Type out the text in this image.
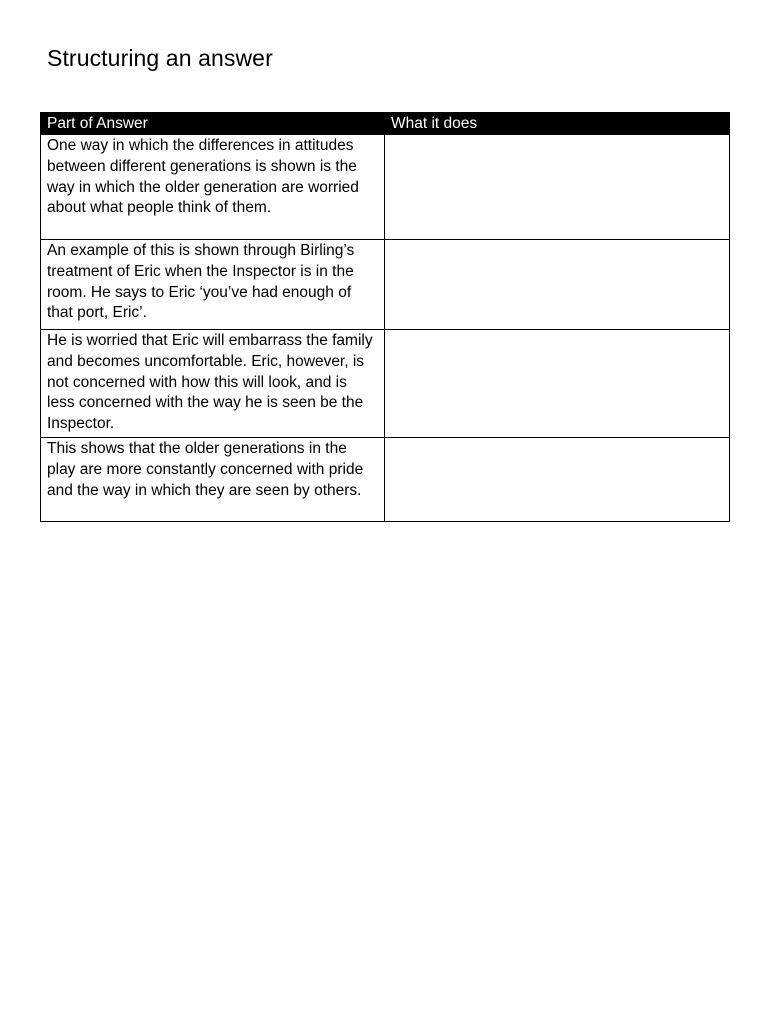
Structuring an answer
Part of Answer	What it does
One way in which the differences in attitudes between different generations is shown is the way in which the older generation are worried about what people think of them.	
An example of this is shown through Birling’s treatment of Eric when the Inspector is in the room. He says to Eric ‘you’ve had enough of that port, Eric’.	
He is worried that Eric will embarrass the family and becomes uncomfortable. Eric, however, is not concerned with how this will look, and is less concerned with the way he is seen be the Inspector.	
This shows that the older generations in the play are more constantly concerned with pride and the way in which they are seen by others.	
